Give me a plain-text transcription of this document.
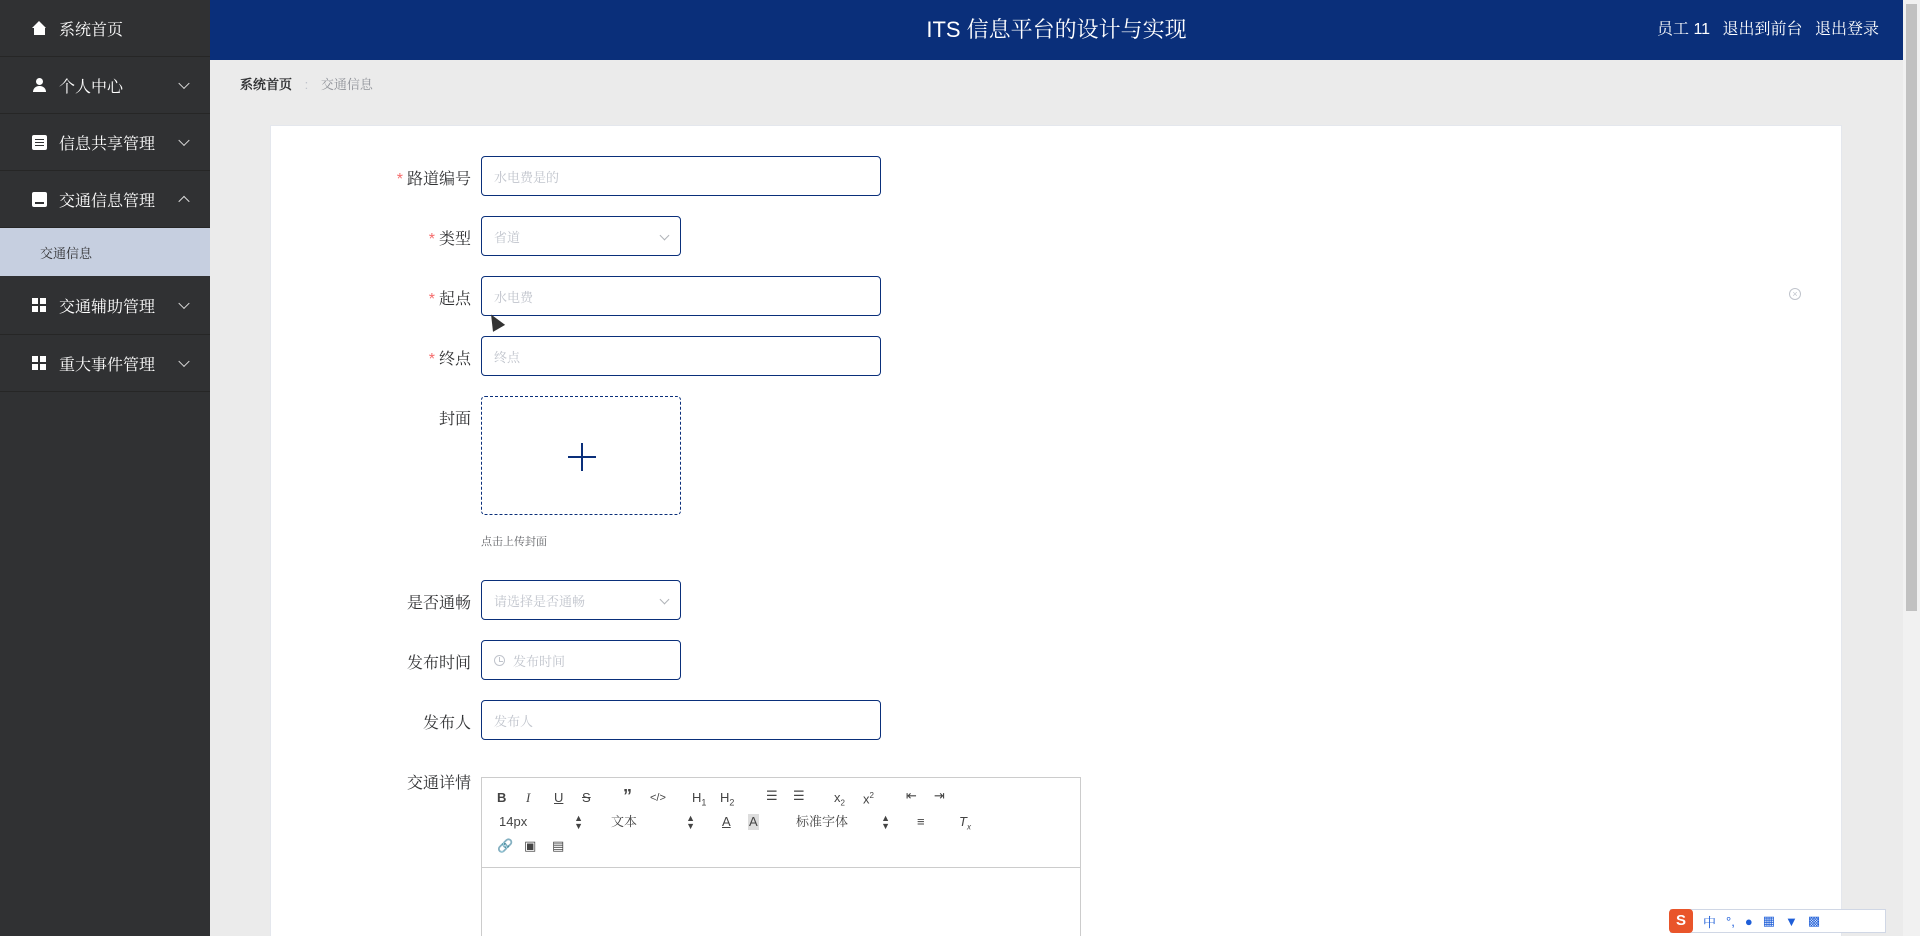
系统首页
个人中心
信息共享管理
交通信息管理
交通信息
交通辅助管理
重大事件管理
ITS 信息平台的设计与实现	员工 11 退出到前台 退出登录
系统首页 : 交通信息
* 路道编号 水电费是的
* 类型 省道
* 起点 水电费	×
* 终点 终点
封面
点击上传封面
是否通畅 请选择是否通畅
发布时间	发布时间
发布人 发布人
交通详情
B I U S ” </> $H_1$ $H_2$ ☰ ☰ $x_2$ $x^2$ ⇤ ⇥
14px	▲
▼ 文本	▲
▼ A A	标准字体	▲
▼ ≡	$T_x$
🔗 ▣ ▤
S	中 °, ● ▦ ▼ ▩
